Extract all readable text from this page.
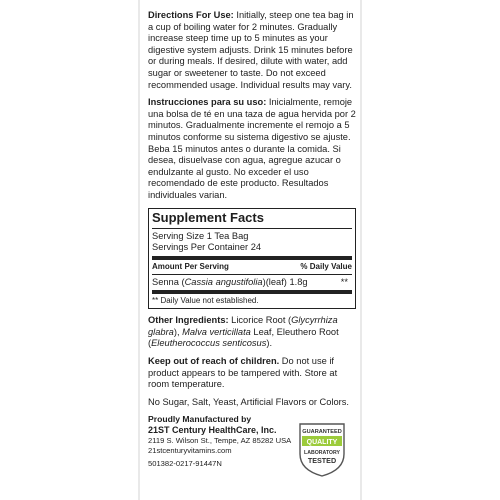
Directions For Use: Initially, steep one tea bag in a cup of boiling water for 2 minutes. Gradually increase steep time up to 5 minutes as your digestive system adjusts. Drink 15 minutes before or during meals. If desired, dilute with water, add sugar or sweetener to taste. Do not exceed recommended usage. Individual results may vary.

Instrucciones para su uso: Inicialmente, remoje una bolsa de té en una taza de agua hervida por 2 minutos. Gradualmente incremente el remojo a 5 minutos conforme su sistema digestivo se ajuste. Beba 15 minutos antes o durante la comida. Si desea, disuelvase con agua, agregue azucar o endulzante al gusto. No exceder el uso recomendado de este producto. Resultados individuales varian.

Supplement Facts
Serving Size 1 Tea Bag
Servings Per Container 24
Amount Per Serving	% Daily Value
Senna (Cassia angustifolia)(leaf) 1.8g	**
** Daily Value not established.

Other Ingredients: Licorice Root (Glycyrrhiza glabra), Malva verticillata Leaf, Eleuthero Root (Eleutherococcus senticosus).

Keep out of reach of children. Do not use if product appears to be tampered with. Store at room temperature.

No Sugar, Salt, Yeast, Artificial Flavors or Colors.

Proudly Manufactured by
21ST Century HealthCare, Inc.
2119 S. Wilson St., Tempe, AZ 85282 USA
21stcenturyvitamins.com
501382-0217-91447N
GUARANTEED
QUALITY
LABORATORY
TESTED
